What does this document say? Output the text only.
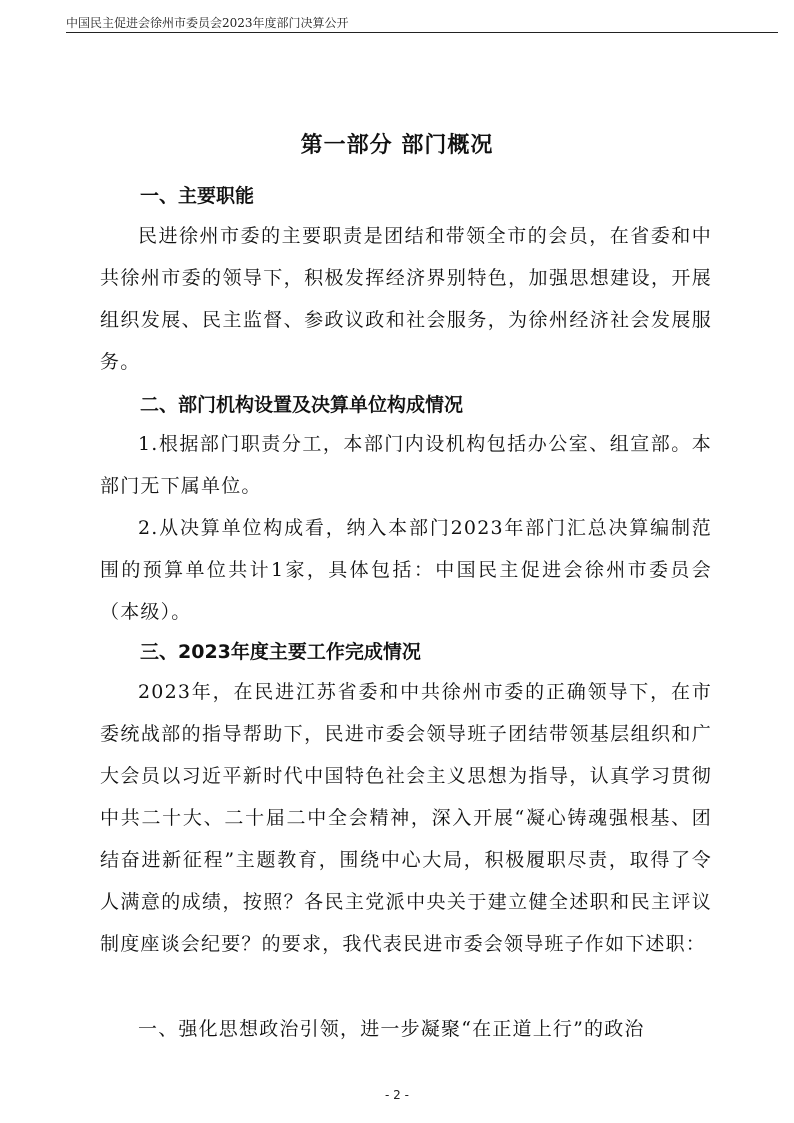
中国民主促进会徐州市委员会2023年度部门决算公开
第一部分 部门概况
一、主要职能

民进徐州市委的主要职责是团结和带领全市的会员，在省委和中共徐州市委的领导下，积极发挥经济界别特色，加强思想建设，开展组织发展、民主监督、参政议政和社会服务，为徐州经济社会发展服务。

二、部门机构设置及决算单位构成情况

1.根据部门职责分工，本部门内设机构包括办公室、组宣部。本部门无下属单位。

2.从决算单位构成看，纳入本部门2023年部门汇总决算编制范围的预算单位共计1家，具体包括：中国民主促进会徐州市委员会（本级）。

三、2023年度主要工作完成情况

2023年，在民进江苏省委和中共徐州市委的正确领导下，在市委统战部的指导帮助下，民进市委会领导班子团结带领基层组织和广大会员以习近平新时代中国特色社会主义思想为指导，认真学习贯彻中共二十大、二十届二中全会精神，深入开展“凝心铸魂强根基、团结奋进新征程”主题教育，围绕中心大局，积极履职尽责，取得了令人满意的成绩，按照？各民主党派中央关于建立健全述职和民主评议制度座谈会纪要？的要求，我代表民进市委会领导班子作如下述职：

一、强化思想政治引领，进一步凝聚“在正道上行”的政治

- 2 -
